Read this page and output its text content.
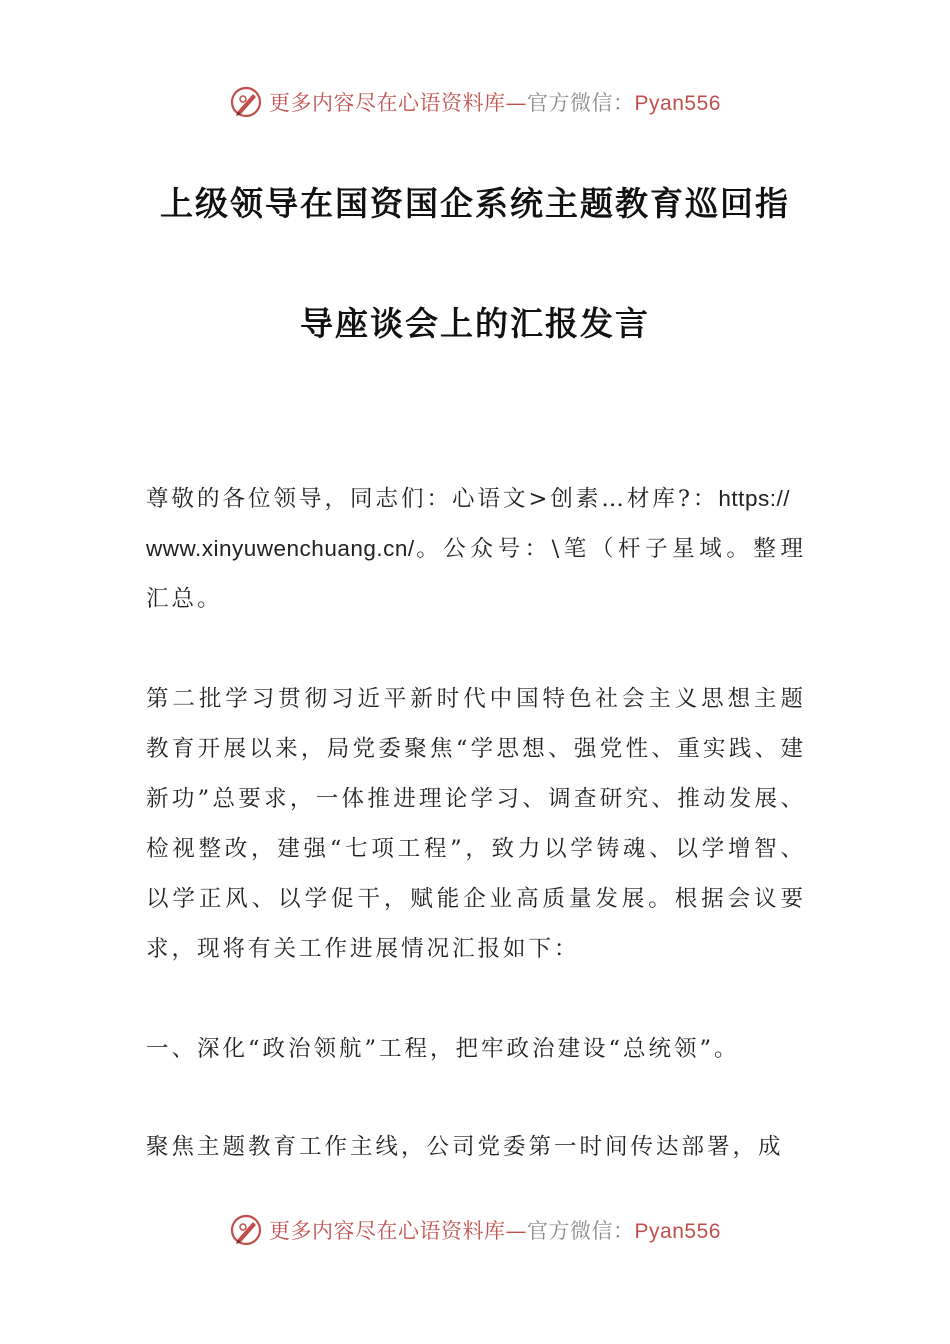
更多内容尽在心语资料库—官方微信：Pyan556
上级领导在国资国企系统主题教育巡回指
导座谈会上的汇报发言
尊敬的各位领导，同志们：心语文>创素…材库?：https://
www.xinyuwenchuang.cn/。公众号：\笔（杆子星域。整理汇总。
第二批学习贯彻习近平新时代中国特色社会主义思想主题教育开展以来，局党委聚焦“学思想、强党性、重实践、建新功”总要求，一体推进理论学习、调查研究、推动发展、检视整改，建强“七项工程”，致力以学铸魂、以学增智、以学正风、以学促干，赋能企业高质量发展。根据会议要求，现将有关工作进展情况汇报如下：
一、深化“政治领航”工程，把牢政治建设“总统领”。
聚焦主题教育工作主线，公司党委第一时间传达部署，成
更多内容尽在心语资料库—官方微信：Pyan556
